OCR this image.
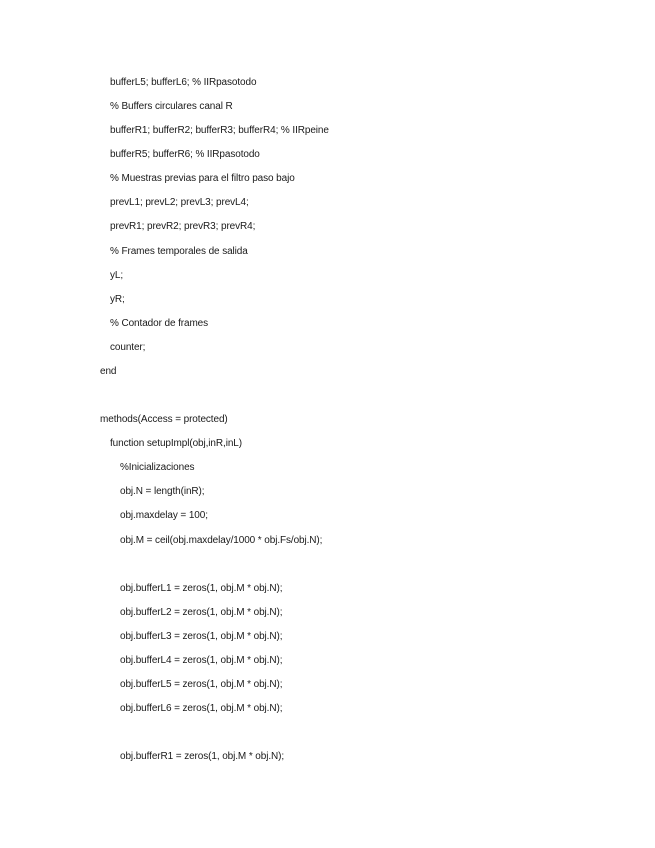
bufferL5; bufferL6; % IIRpasotodo
% Buffers circulares canal R
bufferR1; bufferR2; bufferR3; bufferR4; % IIRpeine
bufferR5; bufferR6; % IIRpasotodo
% Muestras previas para el filtro paso bajo
prevL1; prevL2; prevL3; prevL4;
prevR1; prevR2; prevR3; prevR4;
% Frames temporales de salida
yL;
yR;
% Contador de frames
counter;
end
methods(Access = protected)
function setupImpl(obj,inR,inL)
%Inicializaciones
obj.N = length(inR);
obj.maxdelay = 100;
obj.M = ceil(obj.maxdelay/1000 * obj.Fs/obj.N);
obj.bufferL1 = zeros(1, obj.M * obj.N);
obj.bufferL2 = zeros(1, obj.M * obj.N);
obj.bufferL3 = zeros(1, obj.M * obj.N);
obj.bufferL4 = zeros(1, obj.M * obj.N);
obj.bufferL5 = zeros(1, obj.M * obj.N);
obj.bufferL6 = zeros(1, obj.M * obj.N);
obj.bufferR1 = zeros(1, obj.M * obj.N);
